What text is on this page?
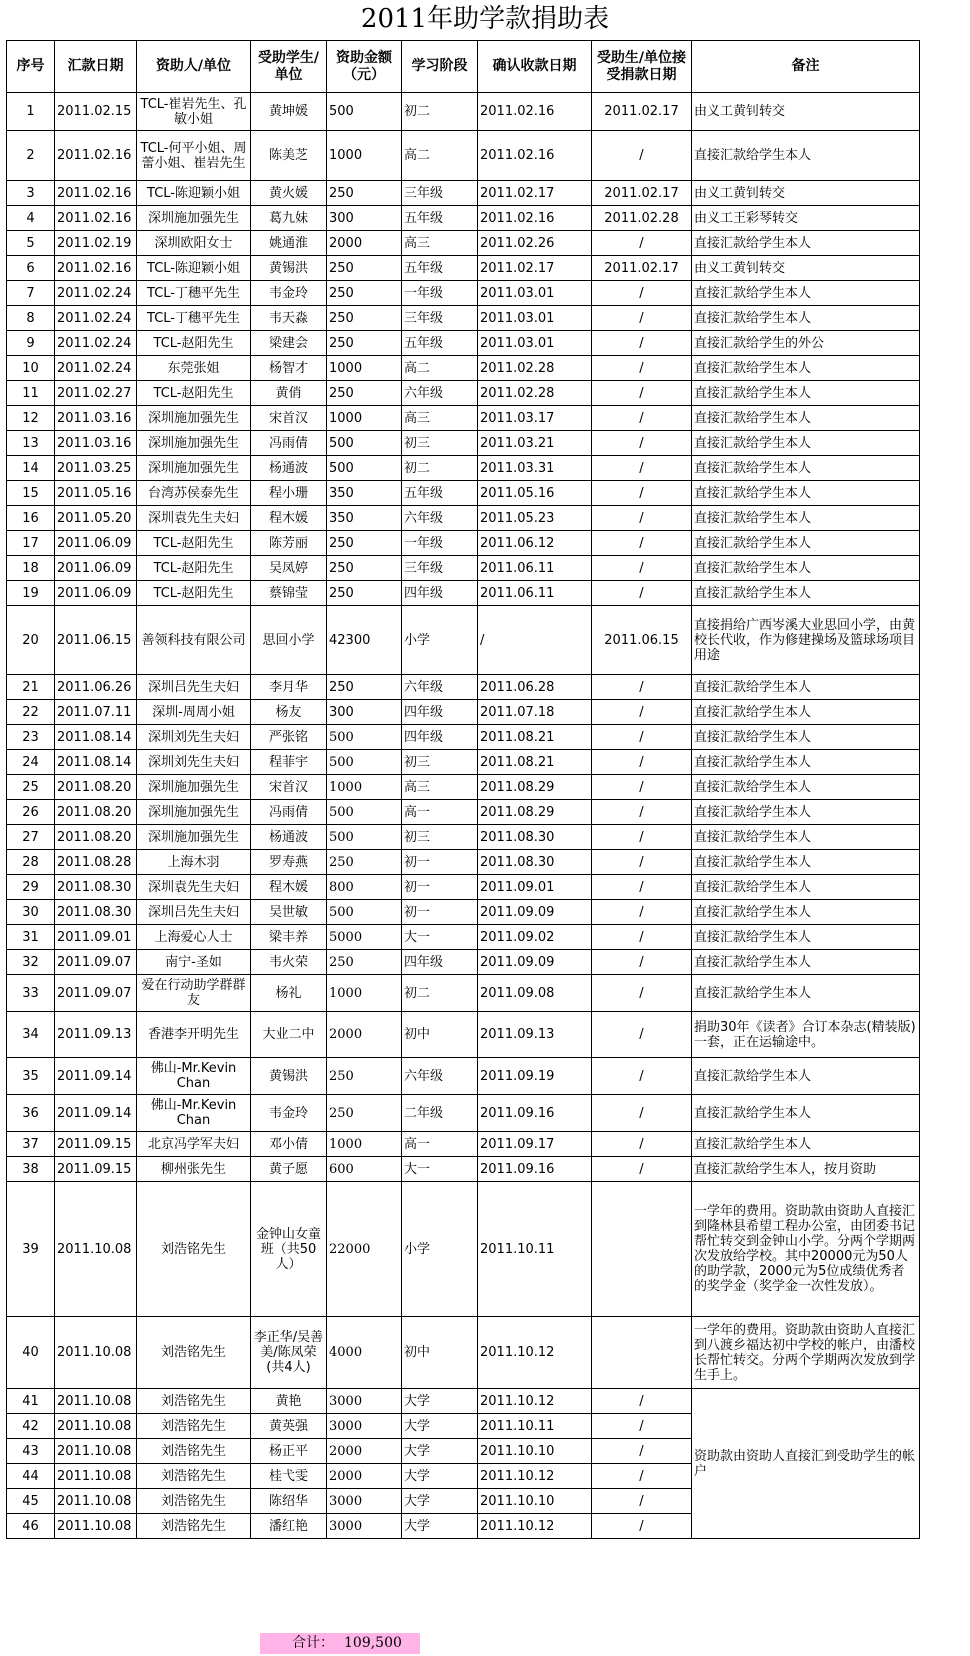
2011年助学款捐助表
序号	汇款日期	资助人/单位	受助学生/单位	资助金额（元）	学习阶段	确认收款日期	受助生/单位接受捐款日期	备注
1	2011.02.15	TCL-崔岩先生、孔敏小姐	黄坤媛	500	初二	2011.02.16	2011.02.17	由义工黄钊转交
2	2011.02.16	TCL-何平小姐、周蕾小姐、崔岩先生	陈美芝	1000	高二	2011.02.16	/	直接汇款给学生本人
3	2011.02.16	TCL-陈迎颖小姐	黄火媛	250	三年级	2011.02.17	2011.02.17	由义工黄钊转交
4	2011.02.16	深圳施加强先生	葛九妹	300	五年级	2011.02.16	2011.02.28	由义工王彩琴转交
5	2011.02.19	深圳欧阳女士	姚通淮	2000	高三	2011.02.26	/	直接汇款给学生本人
6	2011.02.16	TCL-陈迎颖小姐	黄锡洪	250	五年级	2011.02.17	2011.02.17	由义工黄钊转交
7	2011.02.24	TCL-丁穗平先生	韦金玲	250	一年级	2011.03.01	/	直接汇款给学生本人
8	2011.02.24	TCL-丁穗平先生	韦天淼	250	三年级	2011.03.01	/	直接汇款给学生本人
9	2011.02.24	TCL-赵阳先生	梁建会	250	五年级	2011.03.01	/	直接汇款给学生的外公
10	2011.02.24	东莞张姐	杨智才	1000	高二	2011.02.28	/	直接汇款给学生本人
11	2011.02.27	TCL-赵阳先生	黄俏	250	六年级	2011.02.28	/	直接汇款给学生本人
12	2011.03.16	深圳施加强先生	宋首汉	1000	高三	2011.03.17	/	直接汇款给学生本人
13	2011.03.16	深圳施加强先生	冯雨倩	500	初三	2011.03.21	/	直接汇款给学生本人
14	2011.03.25	深圳施加强先生	杨通波	500	初二	2011.03.31	/	直接汇款给学生本人
15	2011.05.16	台湾苏侯泰先生	程小珊	350	五年级	2011.05.16	/	直接汇款给学生本人
16	2011.05.20	深圳袁先生夫妇	程木媛	350	六年级	2011.05.23	/	直接汇款给学生本人
17	2011.06.09	TCL-赵阳先生	陈芳丽	250	一年级	2011.06.12	/	直接汇款给学生本人
18	2011.06.09	TCL-赵阳先生	吴凤婷	250	三年级	2011.06.11	/	直接汇款给学生本人
19	2011.06.09	TCL-赵阳先生	蔡锦莹	250	四年级	2011.06.11	/	直接汇款给学生本人
20	2011.06.15	善领科技有限公司	思回小学	42300	小学	/	2011.06.15	直接捐给广西岑溪大业思回小学，由黄校长代收，作为修建操场及篮球场项目用途
21	2011.06.26	深圳吕先生夫妇	李月华	250	六年级	2011.06.28	/	直接汇款给学生本人
22	2011.07.11	深圳-周周小姐	杨友	300	四年级	2011.07.18	/	直接汇款给学生本人
23	2011.08.14	深圳刘先生夫妇	严张铭	500	四年级	2011.08.21	/	直接汇款给学生本人
24	2011.08.14	深圳刘先生夫妇	程菲宇	500	初三	2011.08.21	/	直接汇款给学生本人
25	2011.08.20	深圳施加强先生	宋首汉	1000	高三	2011.08.29	/	直接汇款给学生本人
26	2011.08.20	深圳施加强先生	冯雨倩	500	高一	2011.08.29	/	直接汇款给学生本人
27	2011.08.20	深圳施加强先生	杨通波	500	初三	2011.08.30	/	直接汇款给学生本人
28	2011.08.28	上海木羽	罗寿燕	250	初一	2011.08.30	/	直接汇款给学生本人
29	2011.08.30	深圳袁先生夫妇	程木媛	800	初一	2011.09.01	/	直接汇款给学生本人
30	2011.08.30	深圳吕先生夫妇	吴世敏	500	初一	2011.09.09	/	直接汇款给学生本人
31	2011.09.01	上海爱心人士	梁丰养	5000	大一	2011.09.02	/	直接汇款给学生本人
32	2011.09.07	南宁-圣如	韦火荣	250	四年级	2011.09.09	/	直接汇款给学生本人
33	2011.09.07	爱在行动助学群群友	杨礼	1000	初二	2011.09.08	/	直接汇款给学生本人
34	2011.09.13	香港李开明先生	大业二中	2000	初中	2011.09.13	/	捐助30年《读者》合订本杂志(精装版)一套，正在运输途中。
35	2011.09.14	佛山-Mr.Kevin Chan	黄锡洪	250	六年级	2011.09.19	/	直接汇款给学生本人
36	2011.09.14	佛山-Mr.Kevin Chan	韦金玲	250	二年级	2011.09.16	/	直接汇款给学生本人
37	2011.09.15	北京冯学军夫妇	邓小倩	1000	高一	2011.09.17	/	直接汇款给学生本人
38	2011.09.15	柳州张先生	黄子愿	600	大一	2011.09.16	/	直接汇款给学生本人，按月资助
39	2011.10.08	刘浩铭先生	金钟山女童班（共50人）	22000	小学	2011.10.11		一学年的费用。资助款由资助人直接汇到隆林县希望工程办公室，由团委书记帮忙转交到金钟山小学。分两个学期两次发放给学校。其中20000元为50人的助学款，2000元为5位成绩优秀者的奖学金（奖学金一次性发放）。
40	2011.10.08	刘浩铭先生	李正华/吴善美/陈凤荣(共4人)	4000	初中	2011.10.12		一学年的费用。资助款由资助人直接汇到八渡乡福达初中学校的帐户，由潘校长帮忙转交。分两个学期两次发放到学生手上。
41	2011.10.08	刘浩铭先生	黄艳	3000	大学	2011.10.12	/	资助款由资助人直接汇到受助学生的帐户
42	2011.10.08	刘浩铭先生	黄英强	3000	大学	2011.10.11	/	
43	2011.10.08	刘浩铭先生	杨正平	2000	大学	2011.10.10	/	
44	2011.10.08	刘浩铭先生	桂弋雯	2000	大学	2011.10.12	/	
45	2011.10.08	刘浩铭先生	陈绍华	3000	大学	2011.10.10	/	
46	2011.10.08	刘浩铭先生	潘红艳	3000	大学	2011.10.12	/	
合计： 109,500
